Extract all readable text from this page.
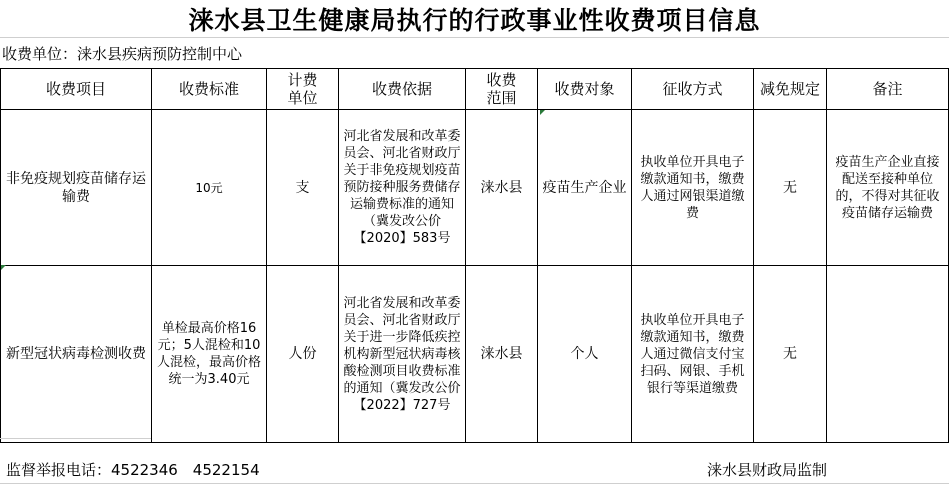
涞水县卫生健康局执行的行政事业性收费项目信息
收费单位：涞水县疾病预防控制中心
收费项目	收费标准	计费单位	收费依据	收费范围	收费对象	征收方式	减免规定	备注
非免疫规划疫苗储存运输费	10元	支	河北省发展和改革委员会、河北省财政厅关于非免疫规划疫苗预防接种服务费储存运输费标准的通知（冀发改公价【2020】583号	涞水县	疫苗生产企业	执收单位开具电子缴款通知书，缴费人通过网银渠道缴费	无	疫苗生产企业直接配送至接种单位的，不得对其征收疫苗储存运输费
新型冠状病毒检测收费	单检最高价格16元；5人混检和10人混检，最高价格统一为3.40元	人份	河北省发展和改革委员会、河北省财政厅关于进一步降低疾控机构新型冠状病毒核酸检测项目收费标准的通知（冀发改公价【2022】727号	涞水县	个人	执收单位开具电子缴款通知书，缴费人通过微信支付宝扫码、网银、手机银行等渠道缴费	无	
监督举报电话：4522346　4522154	涞水县财政局监制
